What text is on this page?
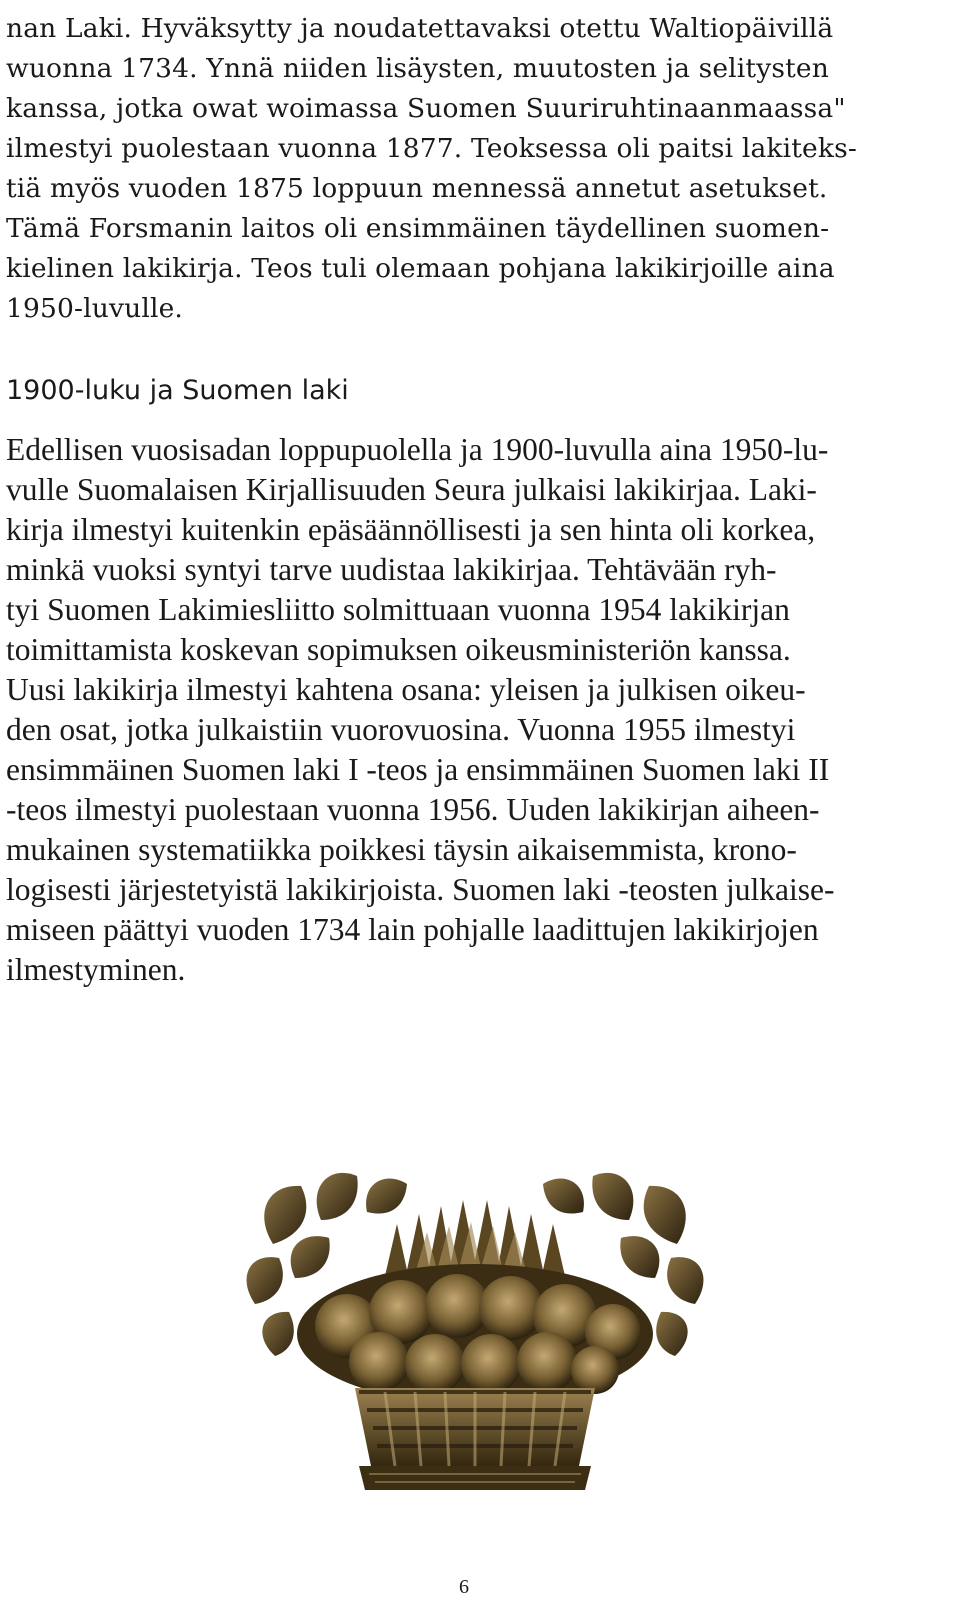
nan Laki. Hyväksytty ja noudatettavaksi otettu Waltiopäivillä
wuonna 1734. Ynnä niiden lisäysten, muutosten ja selitysten
kanssa, jotka owat woimassa Suomen Suuriruhtinaanmaassa"
ilmestyi puolestaan vuonna 1877. Teoksessa oli paitsi lakiteks-
tiä myös vuoden 1875 loppuun mennessä annetut asetukset.
Tämä Forsmanin laitos oli ensimmäinen täydellinen suomen-
kielinen lakikirja. Teos tuli olemaan pohjana lakikirjoille aina
1950-luvulle.
1900-luku ja Suomen laki
Edellisen vuosisadan loppupuolella ja 1900-luvulla aina 1950-lu-
vulle Suomalaisen Kirjallisuuden Seura julkaisi lakikirjaa. Laki-
kirja ilmestyi kuitenkin epäsäännöllisesti ja sen hinta oli korkea,
minkä vuoksi syntyi tarve uudistaa lakikirjaa. Tehtävään ryh-
tyi Suomen Lakimiesliitto solmittuaan vuonna 1954 lakikirjan
toimittamista koskevan sopimuksen oikeusministeriön kanssa.
Uusi lakikirja ilmestyi kahtena osana: yleisen ja julkisen oikeu-
den osat, jotka julkaistiin vuorovuosina. Vuonna 1955 ilmestyi
ensimmäinen Suomen laki I -teos ja ensimmäinen Suomen laki II
-teos ilmestyi puolestaan vuonna 1956. Uuden lakikirjan aiheen-
mukainen systematiikka poikkesi täysin aikaisemmista, krono-
logisesti järjestetyistä lakikirjoista. Suomen laki -teosten julkaise-
miseen päättyi vuoden 1734 lain pohjalle laadittujen lakikirjojen
ilmestyminen.
6
